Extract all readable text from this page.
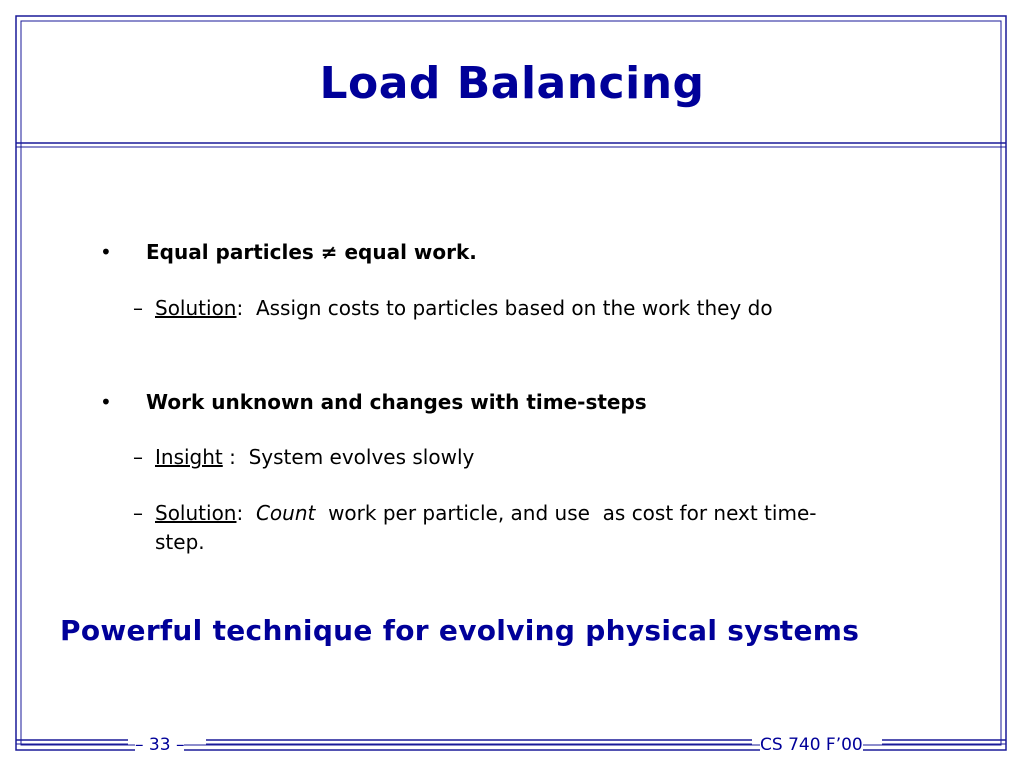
Load Balancing
• Equal particles ≠ equal work.
– Solution:  Assign costs to particles based on the work they do
• Work unknown and changes with time-steps
– Insight :  System evolves slowly
– Solution: Count  work per particle, and use  as cost for next time-
step.
Powerful technique for evolving physical systems
– 33 –	CS 740 F’00
